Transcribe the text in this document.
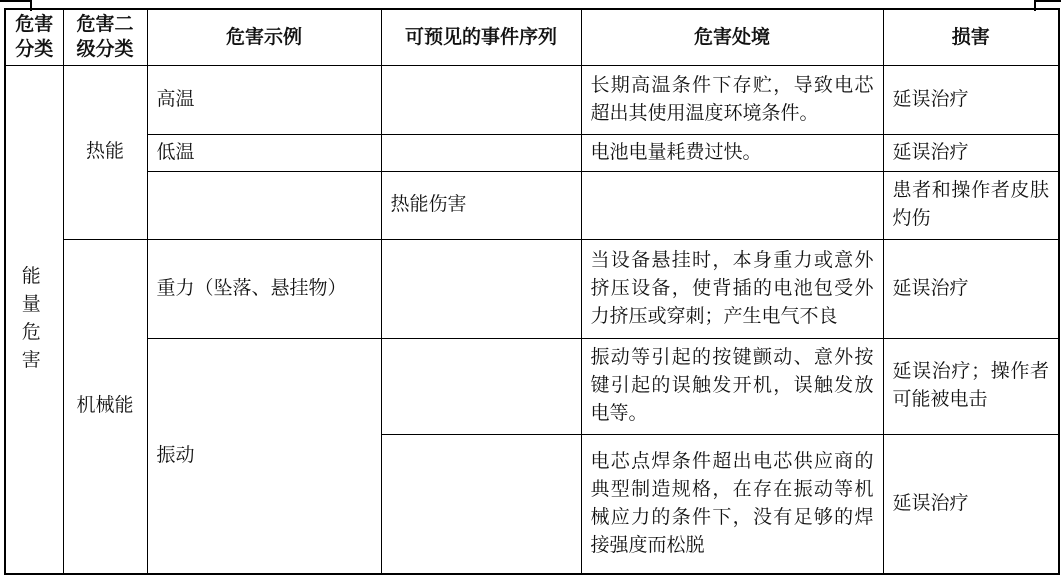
危害分类	危害二级分类	危害示例	可预见的事件序列	危害处境	损害
能量危害	热能	高温		长期高温条件下存贮，导致电芯超出其使用温度环境条件。	延误治疗
		低温		电池电量耗费过快。	延误治疗
			热能伤害		患者和操作者皮肤灼伤
	机械能	重力（坠落、悬挂物）		当设备悬挂时，本身重力或意外挤压设备，使背插的电池包受外力挤压或穿刺；产生电气不良	延误治疗
		振动		振动等引起的按键颤动、意外按键引起的误触发开机，误触发放电等。	延误治疗；操作者可能被电击
				电芯点焊条件超出电芯供应商的典型制造规格，在存在振动等机械应力的条件下，没有足够的焊接强度而松脱	延误治疗
